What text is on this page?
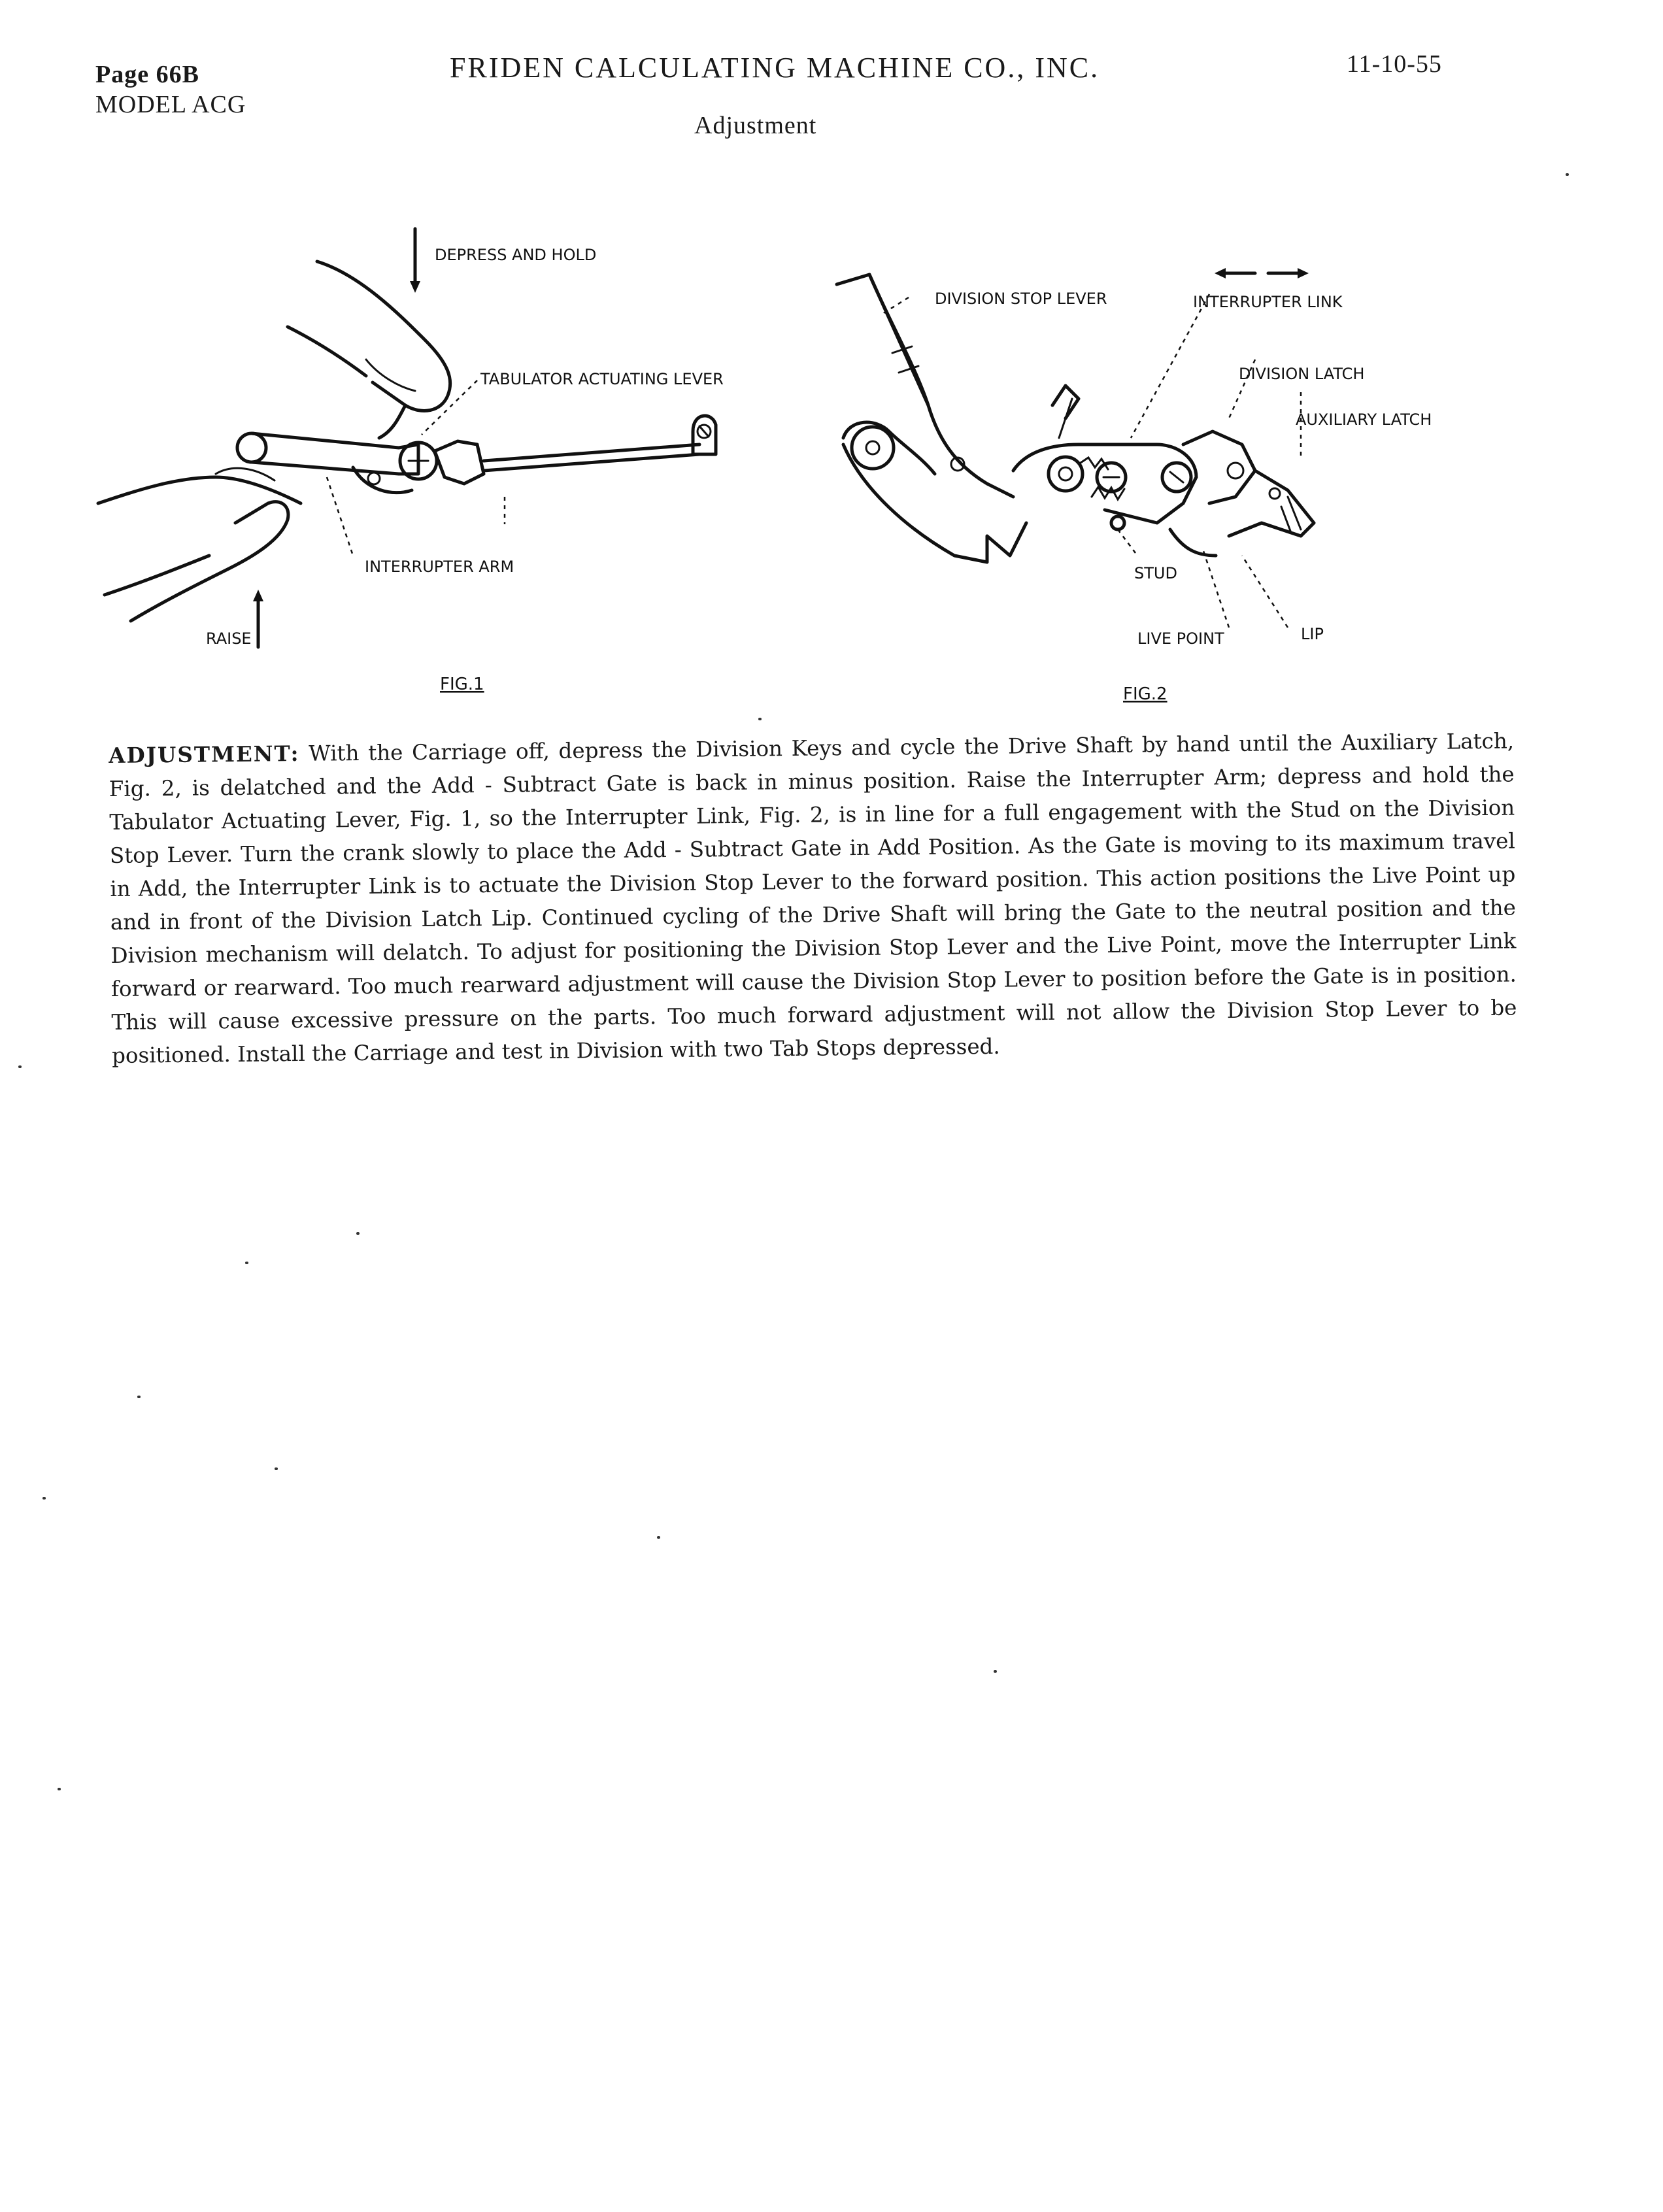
Page 66B
MODEL ACG
FRIDEN CALCULATING MACHINE CO., INC.	11-10-55
Adjustment
DEPRESS AND HOLD
TABULATOR ACTUATING LEVER
INTERRUPTER ARM
RAISE
FIG.1
DIVISION STOP LEVER	INTERRUPTER LINK
DIVISION LATCH
AUXILIARY LATCH
STUD
LIVE POINT	LIP
FIG.2
ADJUSTMENT: With the Carriage off, depress the Division Keys and cycle the Drive Shaft by hand until the Auxiliary Latch, Fig. 2, is delatched and the Add - Subtract Gate is back in minus position. Raise the Interrupter Arm; depress and hold the Tabulator Actuating Lever, Fig. 1, so the Interrupter Link, Fig. 2, is in line for a full engagement with the Stud on the Division Stop Lever. Turn the crank slowly to place the Add - Subtract Gate in Add Position. As the Gate is moving to its maximum travel in Add, the Interrupter Link is to actuate the Division Stop Lever to the forward position. This action positions the Live Point up and in front of the Division Latch Lip. Continued cycling of the Drive Shaft will bring the Gate to the neutral position and the Division mechanism will delatch. To adjust for positioning the Division Stop Lever and the Live Point, move the Interrupter Link forward or rearward. Too much rearward adjustment will cause the Division Stop Lever to position before the Gate is in position. This will cause excessive pressure on the parts. Too much forward adjustment will not allow the Division Stop Lever to be positioned. Install the Carriage and test in Division with two Tab Stops depressed.
